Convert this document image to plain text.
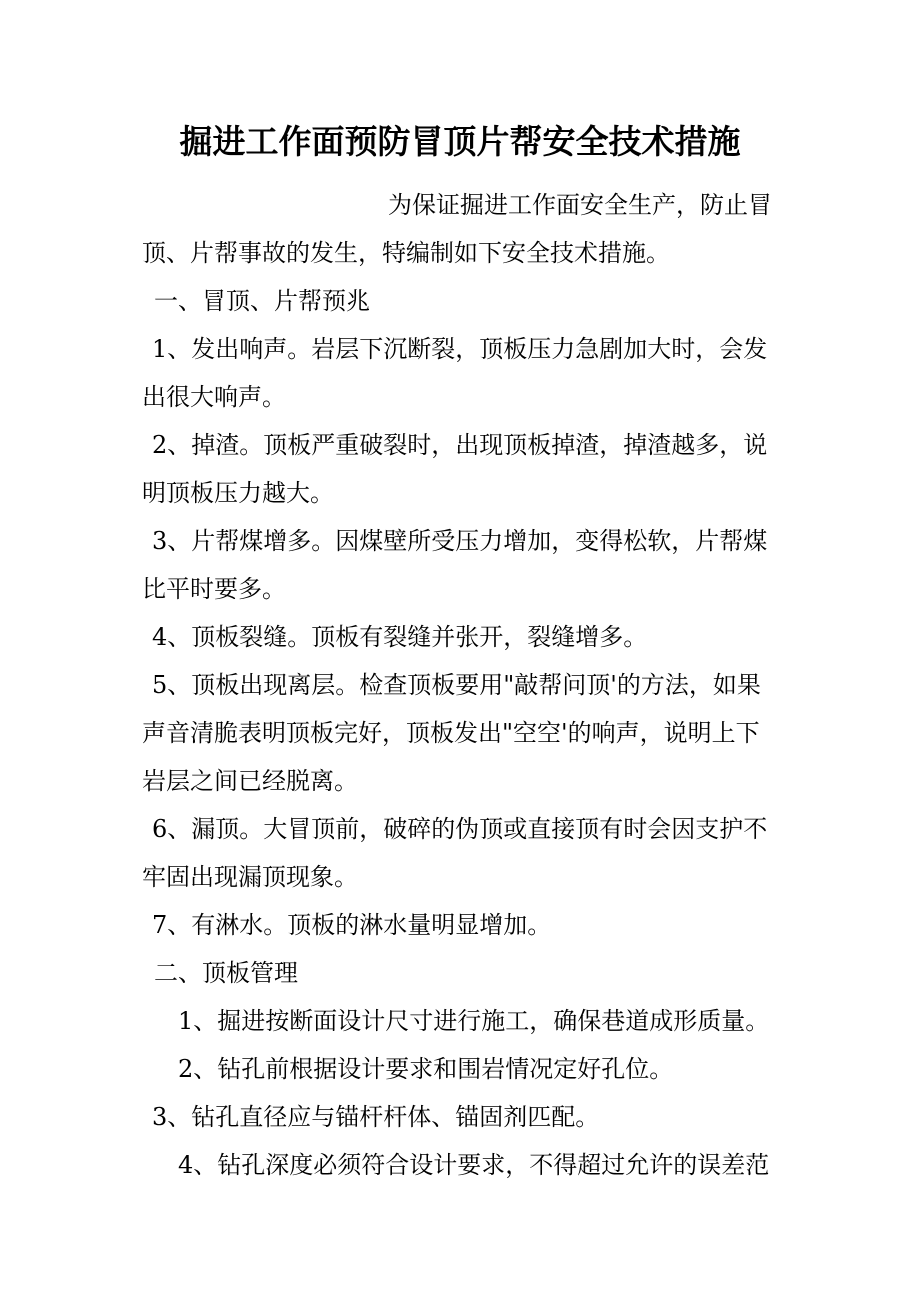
掘进工作面预防冒顶片帮安全技术措施

为保证掘进工作面安全生产，防止冒

顶、片帮事故的发生，特编制如下安全技术措施。

一、冒顶、片帮预兆

1、发出响声。岩层下沉断裂，顶板压力急剧加大时，会发

出很大响声。

2、掉渣。顶板严重破裂时，出现顶板掉渣，掉渣越多，说

明顶板压力越大。

3、片帮煤增多。因煤壁所受压力增加，变得松软，片帮煤

比平时要多。

4、顶板裂缝。顶板有裂缝并张开，裂缝增多。

5、顶板出现离层。检查顶板要用"敲帮问顶'的方法，如果

声音清脆表明顶板完好，顶板发出"空空'的响声，说明上下

岩层之间已经脱离。

6、漏顶。大冒顶前，破碎的伪顶或直接顶有时会因支护不

牢固出现漏顶现象。

7、有淋水。顶板的淋水量明显增加。

二、顶板管理

1、掘进按断面设计尺寸进行施工，确保巷道成形质量。

2、钻孔前根据设计要求和围岩情况定好孔位。

3、钻孔直径应与锚杆杆体、锚固剂匹配。

4、钻孔深度必须符合设计要求，不得超过允许的误差范
